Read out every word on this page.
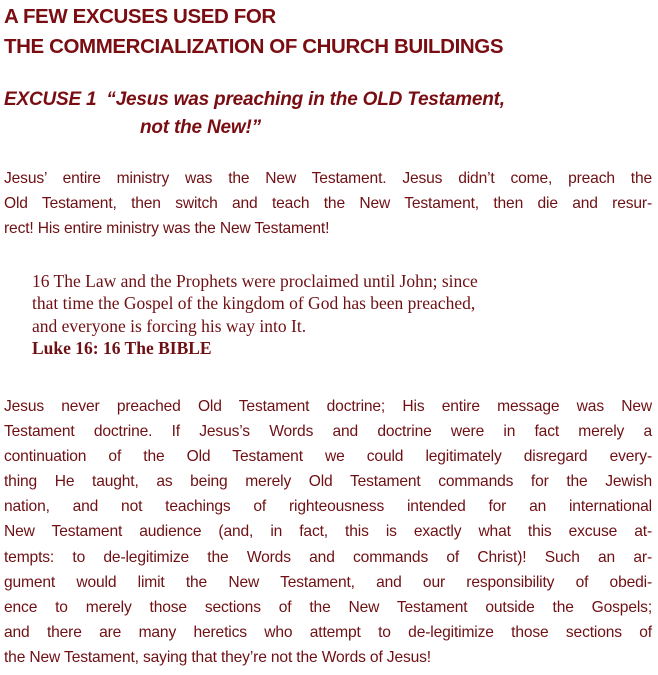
A FEW EXCUSES USED FOR
THE COMMERCIALIZATION OF CHURCH BUILDINGS
EXCUSE 1 “Jesus was preaching in the OLD Testament,
not the New!”
Jesus’ entire ministry was the New Testament. Jesus didn’t come, preach the
Old Testament, then switch and teach the New Testament, then die and resur-
rect! His entire ministry was the New Testament!
16 The Law and the Prophets were proclaimed until John; since
that time the Gospel of the kingdom of God has been preached,
and everyone is forcing his way into It.
Luke 16: 16 The BIBLE
Jesus never preached Old Testament doctrine; His entire message was New
Testament doctrine. If Jesus’s Words and doctrine were in fact merely a
continuation of the Old Testament we could legitimately disregard every-
thing He taught, as being merely Old Testament commands for the Jewish
nation, and not teachings of righteousness intended for an international
New Testament audience (and, in fact, this is exactly what this excuse at-
tempts: to de-legitimize the Words and commands of Christ)! Such an ar-
gument would limit the New Testament, and our responsibility of obedi-
ence to merely those sections of the New Testament outside the Gospels;
and there are many heretics who attempt to de-legitimize those sections of
the New Testament, saying that they’re not the Words of Jesus!
